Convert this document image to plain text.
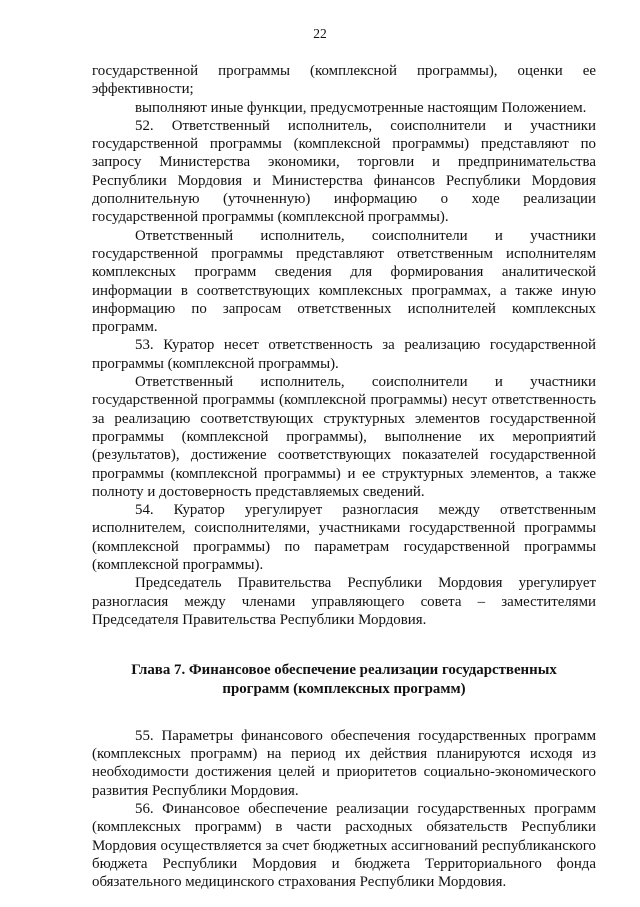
22

государственной программы (комплексной программы), оценки ее эффективности;

выполняют иные функции, предусмотренные настоящим Положением.

52. Ответственный исполнитель, соисполнители и участники государственной программы (комплексной программы) представляют по запросу Министерства экономики, торговли и предпринимательства Республики Мордовия и Министерства финансов Республики Мордовия дополнительную (уточненную) информацию о ходе реализации государственной программы (комплексной программы).

Ответственный исполнитель, соисполнители и участники государственной программы представляют ответственным исполнителям комплексных программ сведения для формирования аналитической информации в соответствующих комплексных программах, а также иную информацию по запросам ответственных исполнителей комплексных программ.

53. Куратор несет ответственность за реализацию государственной программы (комплексной программы).

Ответственный исполнитель, соисполнители и участники государственной программы (комплексной программы) несут ответственность за реализацию соответствующих структурных элементов государственной программы (комплексной программы), выполнение их мероприятий (результатов), достижение соответствующих показателей государственной программы (комплексной программы) и ее структурных элементов, а также полноту и достоверность представляемых сведений.

54. Куратор урегулирует разногласия между ответственным исполнителем, соисполнителями, участниками государственной программы (комплексной программы) по параметрам государственной программы (комплексной программы).

Председатель Правительства Республики Мордовия урегулирует разногласия между членами управляющего совета – заместителями Председателя Правительства Республики Мордовия.

Глава 7. Финансовое обеспечение реализации государственных программ (комплексных программ)

55. Параметры финансового обеспечения государственных программ (комплексных программ) на период их действия планируются исходя из необходимости достижения целей и приоритетов социально-экономического развития Республики Мордовия.

56. Финансовое обеспечение реализации государственных программ (комплексных программ) в части расходных обязательств Республики Мордовия осуществляется за счет бюджетных ассигнований республиканского бюджета Республики Мордовия и бюджета Территориального фонда обязательного медицинского страхования Республики Мордовия.
